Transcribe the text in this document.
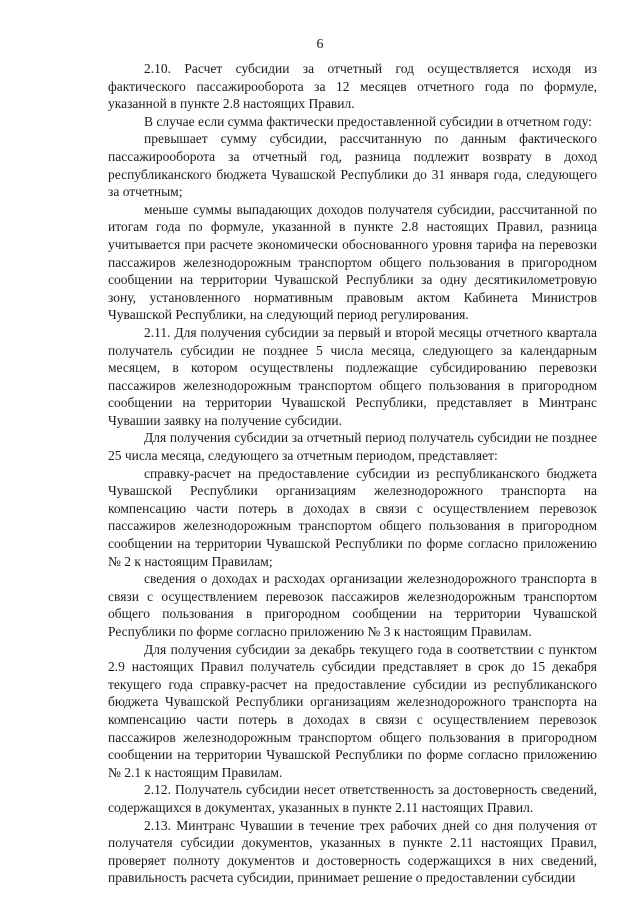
6

2.10. Расчет субсидии за отчетный год осуществляется исходя из фактического пассажирооборота за 12 месяцев отчетного года по формуле, указанной в пункте 2.8 настоящих Правил.

В случае если сумма фактически предоставленной субсидии в отчетном году:

превышает сумму субсидии, рассчитанную по данным фактического пассажирооборота за отчетный год, разница подлежит возврату в доход республиканского бюджета Чувашской Республики до 31 января года, следующего за отчетным;

меньше суммы выпадающих доходов получателя субсидии, рассчитанной по итогам года по формуле, указанной в пункте 2.8 настоящих Правил, разница учитывается при расчете экономически обоснованного уровня тарифа на перевозки пассажиров железнодорожным транспортом общего пользования в пригородном сообщении на территории Чувашской Республики за одну десятикилометровую зону, установленного нормативным правовым актом Кабинета Министров Чувашской Республики, на следующий период регулирования.

2.11. Для получения субсидии за первый и второй месяцы отчетного квартала получатель субсидии не позднее 5 числа месяца, следующего за календарным месяцем, в котором осуществлены подлежащие субсидированию перевозки пассажиров железнодорожным транспортом общего пользования в пригородном сообщении на территории Чувашской Республики, представляет в Минтранс Чувашии заявку на получение субсидии.

Для получения субсидии за отчетный период получатель субсидии не позднее 25 числа месяца, следующего за отчетным периодом, представляет:

справку-расчет на предоставление субсидии из республиканского бюджета Чувашской Республики организациям железнодорожного транспорта на компенсацию части потерь в доходах в связи с осуществлением перевозок пассажиров железнодорожным транспортом общего пользования в пригородном сообщении на территории Чувашской Республики по форме согласно приложению № 2 к настоящим Правилам;

сведения о доходах и расходах организации железнодорожного транспорта в связи с осуществлением перевозок пассажиров железнодорожным транспортом общего пользования в пригородном сообщении на территории Чувашской Республики по форме согласно приложению № 3 к настоящим Правилам.

Для получения субсидии за декабрь текущего года в соответствии с пунктом 2.9 настоящих Правил получатель субсидии представляет в срок до 15 декабря текущего года справку-расчет на предоставление субсидии из республиканского бюджета Чувашской Республики организациям железнодорожного транспорта на компенсацию части потерь в доходах в связи с осуществлением перевозок пассажиров железнодорожным транспортом общего пользования в пригородном сообщении на территории Чувашской Республики по форме согласно приложению № 2.1 к настоящим Правилам.

2.12. Получатель субсидии несет ответственность за достоверность сведений, содержащихся в документах, указанных в пункте 2.11 настоящих Правил.

2.13. Минтранс Чувашии в течение трех рабочих дней со дня получения от получателя субсидии документов, указанных в пункте 2.11 настоящих Правил, проверяет полноту документов и достоверность содержащихся в них сведений, правильность расчета субсидии, принимает решение о предоставлении субсидии
